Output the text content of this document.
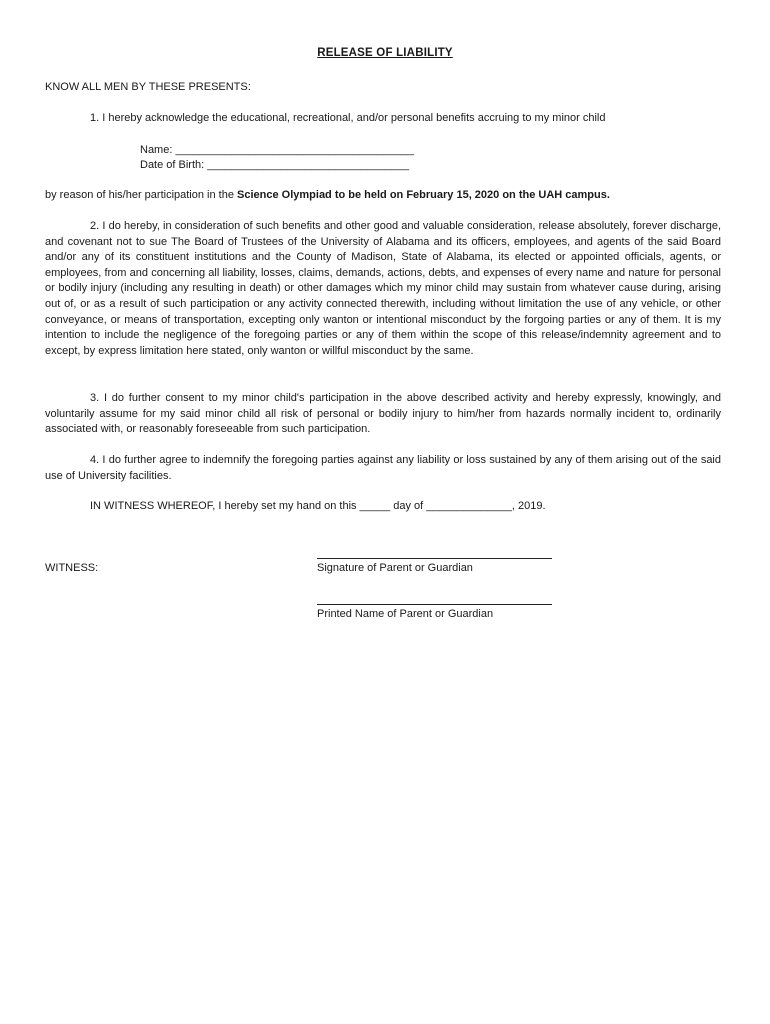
RELEASE OF LIABILITY
KNOW ALL MEN BY THESE PRESENTS:
1. I hereby acknowledge the educational, recreational, and/or personal benefits accruing to my minor child
Name: _______________________________________
Date of Birth: _________________________________
by reason of his/her participation in the Science Olympiad to be held on February 15, 2020 on the UAH campus.
2. I do hereby, in consideration of such benefits and other good and valuable consideration, release absolutely, forever discharge, and covenant not to sue The Board of Trustees of the University of Alabama and its officers, employees, and agents of the said Board and/or any of its constituent institutions and the County of Madison, State of Alabama, its elected or appointed officials, agents, or employees, from and concerning all liability, losses, claims, demands, actions, debts, and expenses of every name and nature for personal or bodily injury (including any resulting in death) or other damages which my minor child may sustain from whatever cause during, arising out of, or as a result of such participation or any activity connected therewith, including without limitation the use of any vehicle, or other conveyance, or means of transportation, excepting only wanton or intentional misconduct by the forgoing parties or any of them. It is my intention to include the negligence of the foregoing parties or any of them within the scope of this release/indemnity agreement and to except, by express limitation here stated, only wanton or willful misconduct by the same.
3. I do further consent to my minor child's participation in the above described activity and hereby expressly, knowingly, and voluntarily assume for my said minor child all risk of personal or bodily injury to him/her from hazards normally incident to, ordinarily associated with, or reasonably foreseeable from such participation.
4. I do further agree to indemnify the foregoing parties against any liability or loss sustained by any of them arising out of the said use of University facilities.
IN WITNESS WHEREOF, I hereby set my hand on this _____ day of ______________, 2019.
WITNESS:	Signature of Parent or Guardian
Printed Name of Parent or Guardian
